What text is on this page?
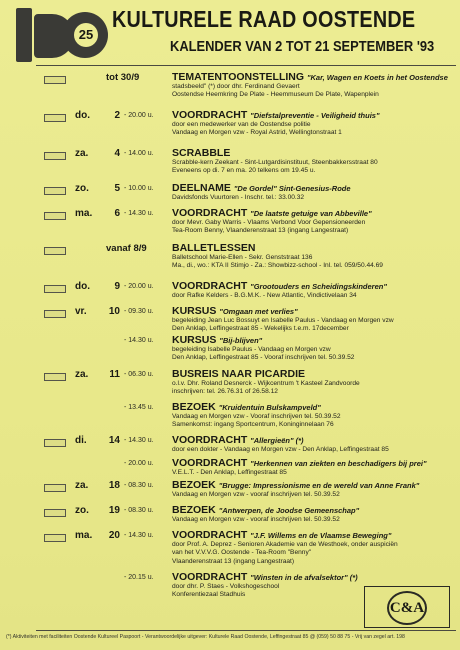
25
KULTURELE RAAD OOSTENDE
KALENDER VAN 2 TOT 21 SEPTEMBER '93
tot 30/9	TEMATENTOONSTELLING "Kar, Wagen en Koets in het Oostendse
stadsbeeld" (*) door dhr. Ferdinand Gevaert
Oostendse Heemkring De Plate - Heemmuseum De Plate, Wapenplein
do.	2 - 20.00 u. VOORDRACHT "Diefstalpreventie - Veiligheid thuis"
door een medewerker van de Oostendse politie
Vandaag en Morgen vzw - Royal Astrid, Wellingtonstraat 1
za.	4 - 14.00 u. SCRABBLE
Scrabble-kern Zeekant - Sint-Lutgardisinstituut, Steenbakkersstraat 80
Eveneens op di. 7 en ma. 20 telkens om 19.45 u.
zo.	5 - 10.00 u. DEELNAME "De Gordel" Sint-Genesius-Rode
Davidsfonds Vuurtoren - Inschr. tel.: 33.00.32
ma.	6 - 14.30 u. VOORDRACHT "De laatste getuige van Abbeville"
door Mevr. Gaby Warris - Vlaams Verbond Voor Gepensioneerden
Tea-Room Benny, Vlaanderenstraat 13 (ingang Langestraat)
vanaf 8/9 BALLETLESSEN
Balletschool Marie-Ellen - Sekr. Genststraat 136
Ma., di., wo.: KTA II Stimjo - Za.: Showbizz-school - Inl. tel. 059/50.44.69
do.	9 - 20.00 u. VOORDRACHT "Grootouders en Scheidingskinderen"
door Rafke Kelders - B.G.M.K. - New Atlantic, Vindictivelaan 34
vr.	10 - 09.30 u. KURSUS "Omgaan met verlies"
begeleiding Jean Luc Bossuyt en Isabelle Paulus - Vandaag en Morgen vzw
Den Anklap, Leffingestraat 85 - Wekelijks t.e.m. 17december
- 14.30 u. KURSUS "Bij-blijven"
begeleiding Isabelle Paulus - Vandaag en Morgen vzw
Den Anklap, Leffingestraat 85 - Vooraf inschrijven tel. 50.39.52
za.	11 - 06.30 u. BUSREIS NAAR PICARDIE
o.l.v. Dhr. Roland Desnerck - Wijkcentrum 't Kasteel Zandvoorde
inschrijven: tel. 26.76.31 of 26.58.12
- 13.45 u. BEZOEK "Kruidentuin Bulskampveld"
Vandaag en Morgen vzw - Vooraf inschrijven tel. 50.39.52
Samenkomst: ingang Sportcentrum, Koninginnelaan 76
di.	14 - 14.30 u. VOORDRACHT "Allergieën" (*)
door een dokter - Vandaag en Morgen vzw - Den Anklap, Leffingestraat 85
- 20.00 u. VOORDRACHT "Herkennen van ziekten en beschadigers bij prei"
V.E.L.T. - Den Anklap, Leffingestraat 85
za.	18 - 08.30 u. BEZOEK "Brugge: Impressionisme en de wereld van Anne Frank"
Vandaag en Morgen vzw - vooraf inschrijven tel. 50.39.52
zo.	19 - 08.30 u. BEZOEK "Antwerpen, de Joodse Gemeenschap"
Vandaag en Morgen vzw - vooraf inschrijven tel. 50.39.52
ma.	20 - 14.30 u. VOORDRACHT "J.F. Willems en de Vlaamse Beweging"
door Prof. A. Deprez - Senioren Akademie van de Westhoek, onder auspiciën
van het V.V.V.G. Oostende - Tea-Room "Benny"
Vlaanderenstraat 13 (ingang Langestraat)
- 20.15 u. VOORDRACHT "Winsten in de afvalsektor" (*)
door dhr. P. Staes - Volkshogeschool
Konferentiezaal Stadhuis
C&A
(*) Aktiviteiten met faciliteiten Oostende Kultureel Paspoort - Verantwoordelijke uitgever: Kulturele Raad Oostende, Leffingestraat 85 @ (059) 50 88 75 - Vrij van zegel art. 198
